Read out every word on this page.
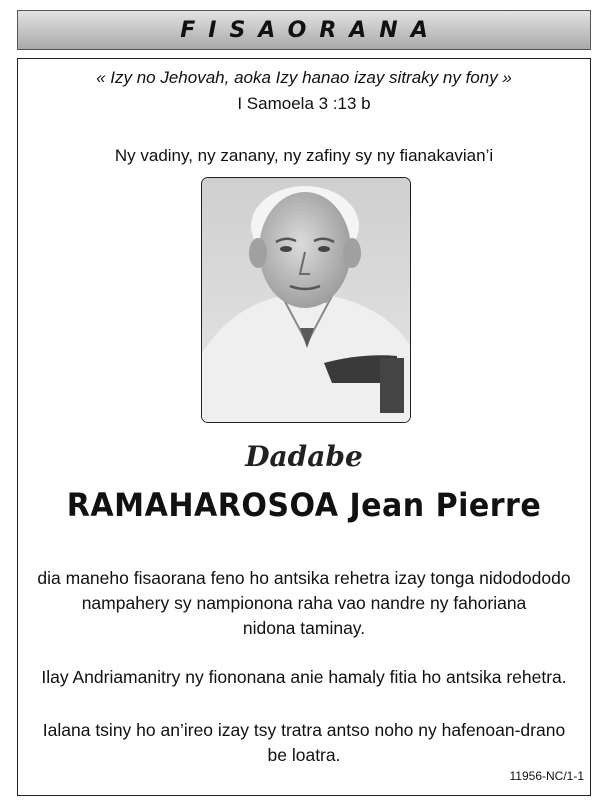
FISAORANA
« Izy no Jehovah, aoka Izy hanao izay sitraky ny fony »
I Samoela 3 :13 b
Ny vadiny, ny zanany, ny zafiny sy ny fianakavian’i
Dadabe
RAMAHAROSOA Jean Pierre
dia maneho fisaorana feno ho antsika rehetra izay tonga nidodododo
nampahery sy nampionona raha vao nandre ny fahoriana
nidona taminay.
Ilay Andriamanitry ny fiononana anie hamaly fitia ho antsika rehetra.
Ialana tsiny ho an’ireo izay tsy tratra antso noho ny hafenoan-drano
be loatra.
11956-NC/1-1
